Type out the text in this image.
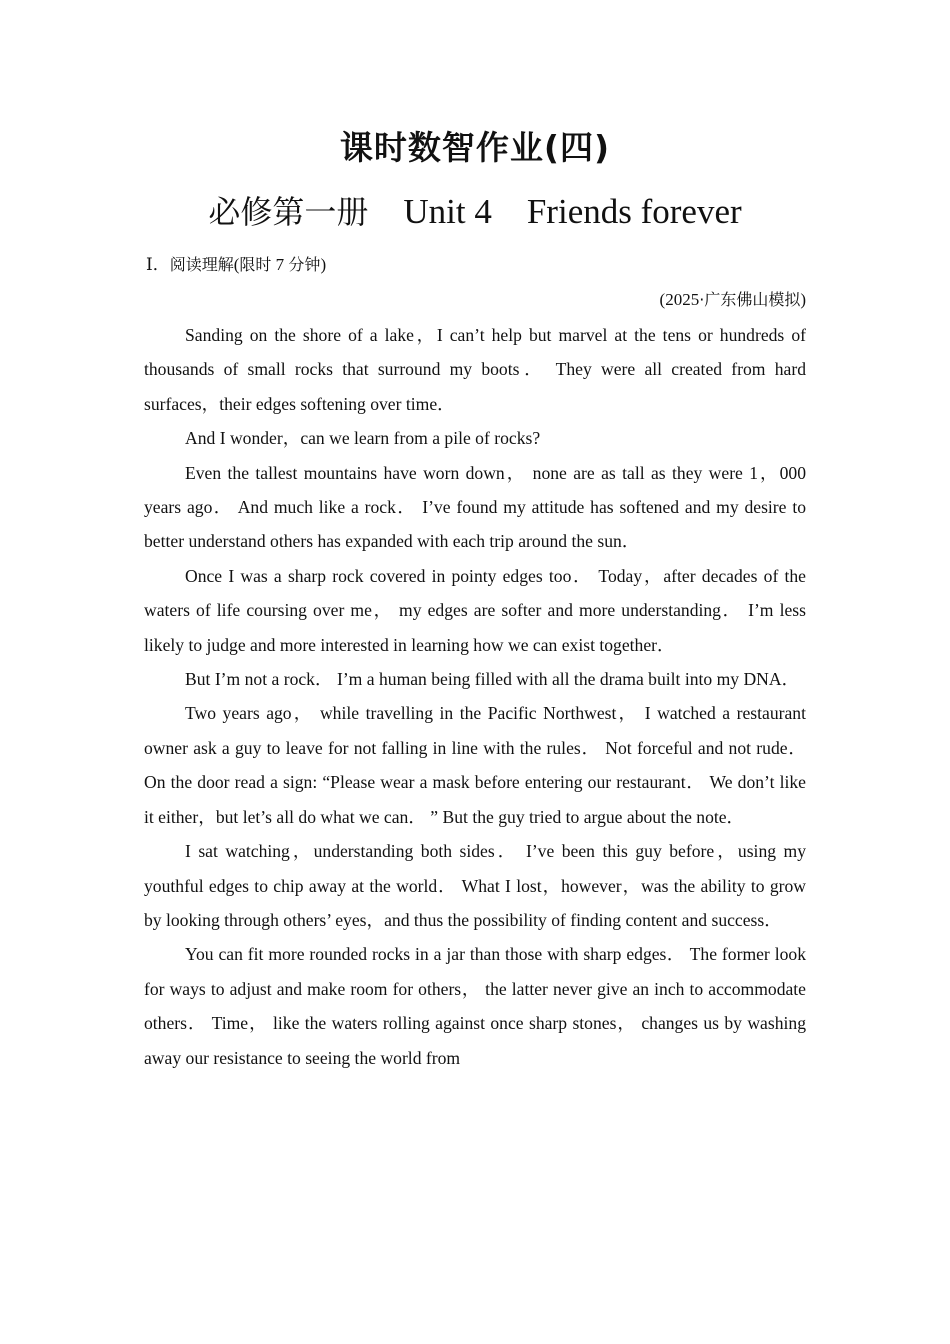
课时数智作业(四)
必修第一册 Unit 4 Friends forever
Ⅰ．阅读理解(限时 7 分钟)
(2025·广东佛山模拟)

Sanding on the shore of a lake，I can’t help but marvel at the tens or hundreds of thousands of small rocks that surround my boots． They were all created from hard surfaces，their edges softening over time．

And I wonder，can we learn from a pile of rocks?

Even the tallest mountains have worn down， none are as tall as they were 1，000 years ago． And much like a rock． I’ve found my attitude has softened and my desire to better understand others has expanded with each trip around the sun．

Once I was a sharp rock covered in pointy edges too． Today，after decades of the waters of life coursing over me， my edges are softer and more understanding． I’m less likely to judge and more interested in learning how we can exist together．

But I’m not a rock． I’m a human being filled with all the drama built into my DNA．

Two years ago， while travelling in the Pacific Northwest， I watched a restaurant owner ask a guy to leave for not falling in line with the rules． Not forceful and not rude． On the door read a sign: “Please wear a mask before entering our restaurant． We don’t like it either，but let’s all do what we can． ” But the guy tried to argue about the note．

I sat watching，understanding both sides． I’ve been this guy before，using my youthful edges to chip away at the world． What I lost，however，was the ability to grow by looking through others’ eyes，and thus the possibility of finding content and success．

You can fit more rounded rocks in a jar than those with sharp edges． The former look for ways to adjust and make room for others， the latter never give an inch to accommodate others． Time， like the waters rolling against once sharp stones， changes us by washing away our resistance to seeing the world from
